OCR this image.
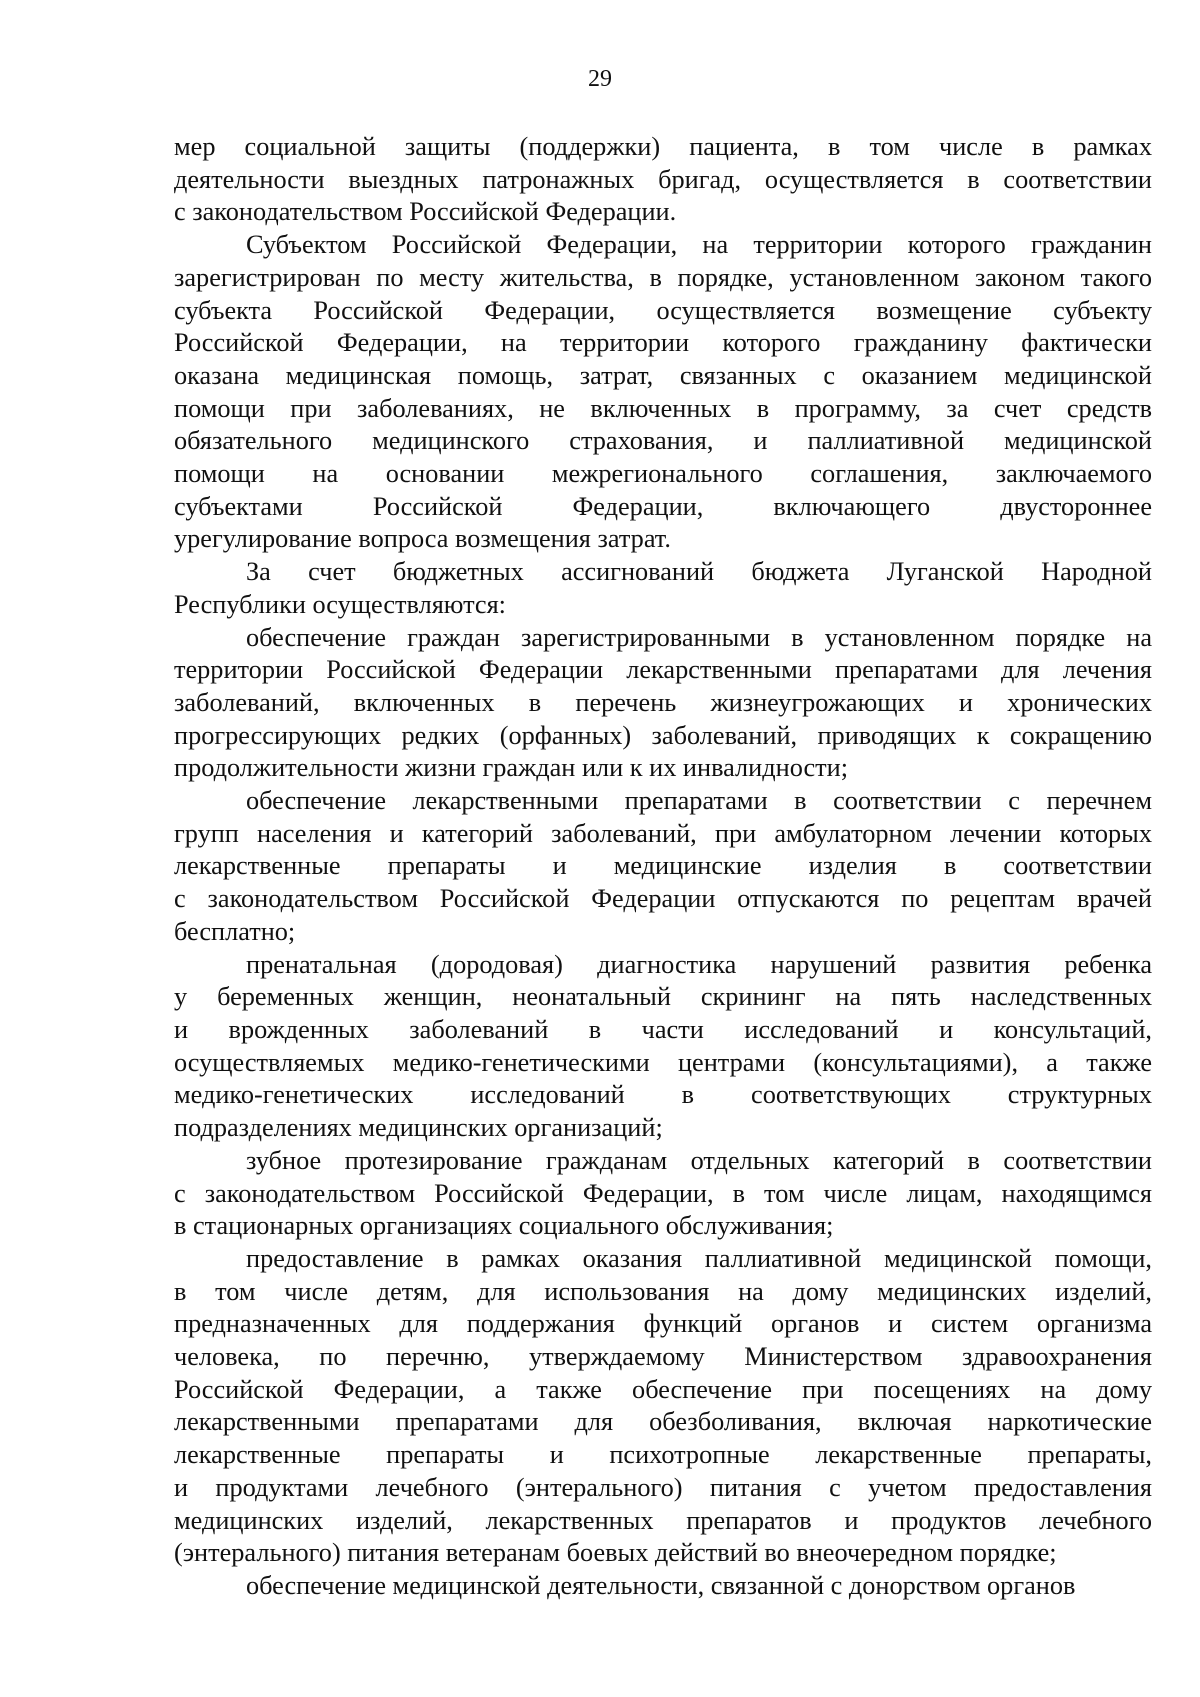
29
мер социальной защиты (поддержки) пациента, в том числе в рамках
деятельности выездных патронажных бригад, осуществляется в соответствии
с законодательством Российской Федерации.
Субъектом Российской Федерации, на территории которого гражданин
зарегистрирован по месту жительства, в порядке, установленном законом такого
субъекта Российской Федерации, осуществляется возмещение субъекту
Российской Федерации, на территории которого гражданину фактически
оказана медицинская помощь, затрат, связанных с оказанием медицинской
помощи при заболеваниях, не включенных в программу, за счет средств
обязательного медицинского страхования, и паллиативной медицинской
помощи на основании межрегионального соглашения, заключаемого
субъектами Российской Федерации, включающего двустороннее
урегулирование вопроса возмещения затрат.
За счет бюджетных ассигнований бюджета Луганской Народной
Республики осуществляются:
обеспечение граждан зарегистрированными в установленном порядке на
территории Российской Федерации лекарственными препаратами для лечения
заболеваний, включенных в перечень жизнеугрожающих и хронических
прогрессирующих редких (орфанных) заболеваний, приводящих к сокращению
продолжительности жизни граждан или к их инвалидности;
обеспечение лекарственными препаратами в соответствии с перечнем
групп населения и категорий заболеваний, при амбулаторном лечении которых
лекарственные препараты и медицинские изделия в соответствии
с законодательством Российской Федерации отпускаются по рецептам врачей
бесплатно;
пренатальная (дородовая) диагностика нарушений развития ребенка
у беременных женщин, неонатальный скрининг на пять наследственных
и врожденных заболеваний в части исследований и консультаций,
осуществляемых медико-генетическими центрами (консультациями), а также
медико-генетических исследований в соответствующих структурных
подразделениях медицинских организаций;
зубное протезирование гражданам отдельных категорий в соответствии
с законодательством Российской Федерации, в том числе лицам, находящимся
в стационарных организациях социального обслуживания;
предоставление в рамках оказания паллиативной медицинской помощи,
в том числе детям, для использования на дому медицинских изделий,
предназначенных для поддержания функций органов и систем организма
человека, по перечню, утверждаемому Министерством здравоохранения
Российской Федерации, а также обеспечение при посещениях на дому
лекарственными препаратами для обезболивания, включая наркотические
лекарственные препараты и психотропные лекарственные препараты,
и продуктами лечебного (энтерального) питания с учетом предоставления
медицинских изделий, лекарственных препаратов и продуктов лечебного
(энтерального) питания ветеранам боевых действий во внеочередном порядке;
обеспечение медицинской деятельности, связанной с донорством органов
